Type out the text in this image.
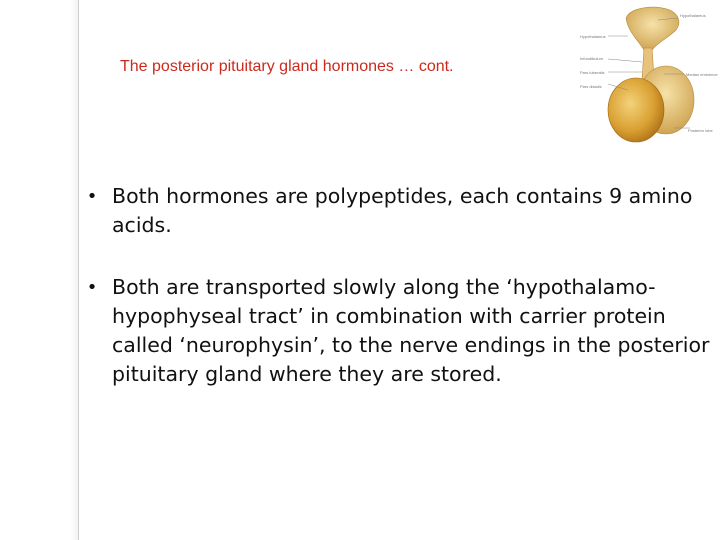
The posterior pituitary gland hormones … cont.
Hypothalamus
Infundibulum
Pars tuberalis
Pars distalis
Hypothalamus
Median eminence
Posterior lobe
• Both hormones are polypeptides, each contains 9 amino acids.
• Both are transported slowly along the ‘hypothalamo-hypophyseal tract’ in combination with carrier protein called ‘neurophysin’, to the nerve endings in the posterior pituitary gland where they are stored.
